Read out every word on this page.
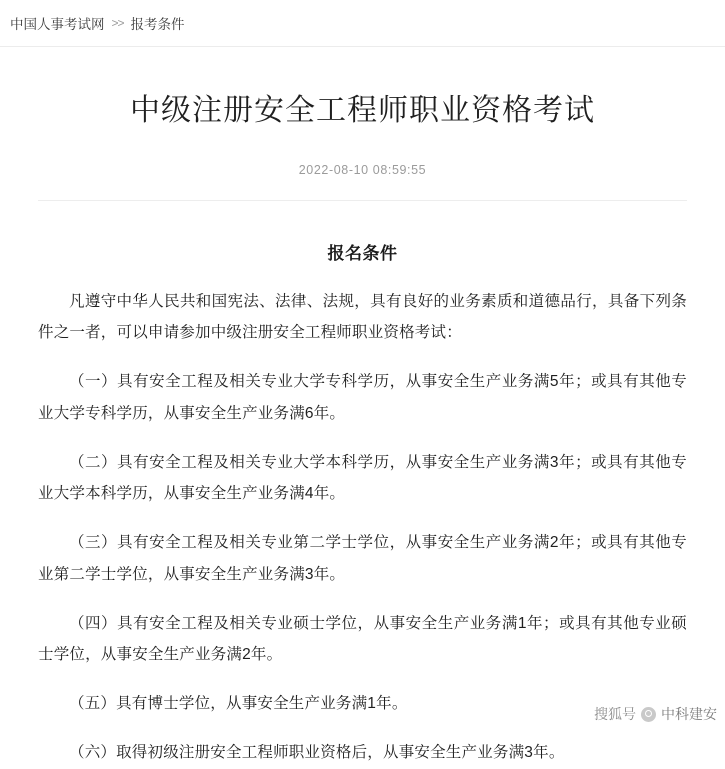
中国人事考试网 >> 报考条件
中级注册安全工程师职业资格考试
2022-08-10 08:59:55
报名条件

凡遵守中华人民共和国宪法、法律、法规，具有良好的业务素质和道德品行，具备下列条件之一者，可以申请参加中级注册安全工程师职业资格考试：

（一）具有安全工程及相关专业大学专科学历，从事安全生产业务满5年；或具有其他专业大学专科学历，从事安全生产业务满6年。

（二）具有安全工程及相关专业大学本科学历，从事安全生产业务满3年；或具有其他专业大学本科学历，从事安全生产业务满4年。

（三）具有安全工程及相关专业第二学士学位，从事安全生产业务满2年；或具有其他专业第二学士学位，从事安全生产业务满3年。

（四）具有安全工程及相关专业硕士学位，从事安全生产业务满1年；或具有其他专业硕士学位，从事安全生产业务满2年。

（五）具有博士学位，从事安全生产业务满1年。

（六）取得初级注册安全工程师职业资格后，从事安全生产业务满3年。

搜狐号 中科建安
